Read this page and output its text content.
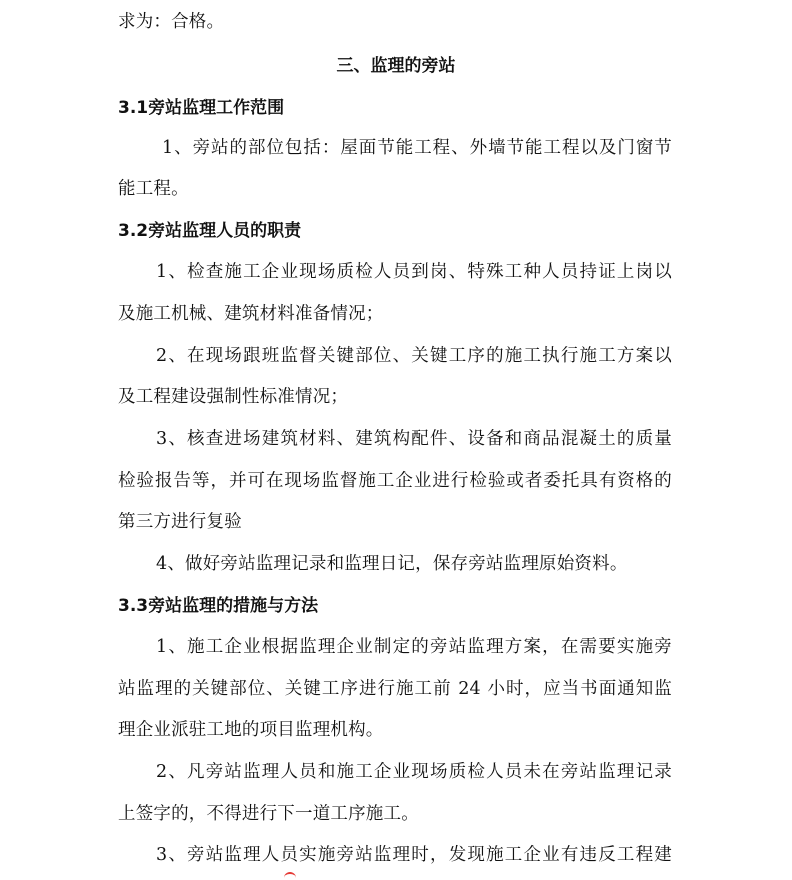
求为：合格。
三、监理的旁站
3.1旁站监理工作范围
1、旁站的部位包括：屋面节能工程、外墙节能工程以及门窗节
能工程。
3.2旁站监理人员的职责
1、检查施工企业现场质检人员到岗、特殊工种人员持证上岗以
及施工机械、建筑材料准备情况；
2、在现场跟班监督关键部位、关键工序的施工执行施工方案以
及工程建设强制性标准情况；
3、核查进场建筑材料、建筑构配件、设备和商品混凝土的质量
检验报告等，并可在现场监督施工企业进行检验或者委托具有资格的
第三方进行复验
4、做好旁站监理记录和监理日记，保存旁站监理原始资料。
3.3旁站监理的措施与方法
1、施工企业根据监理企业制定的旁站监理方案，在需要实施旁
站监理的关键部位、关键工序进行施工前 24 小时，应当书面通知监
理企业派驻工地的项目监理机构。
2、凡旁站监理人员和施工企业现场质检人员未在旁站监理记录
上签字的，不得进行下一道工序施工。
3、旁站监理人员实施旁站监理时，发现施工企业有违反工程建
